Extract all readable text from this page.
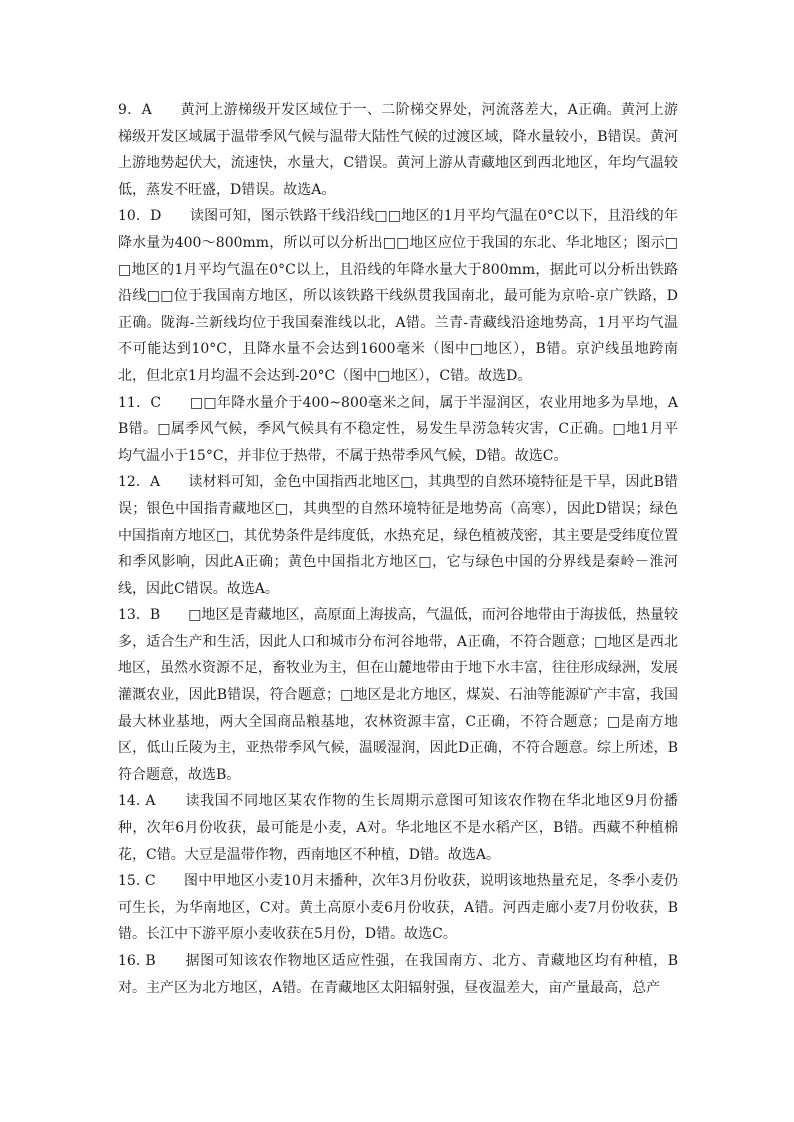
9．A　　黄河上游梯级开发区域位于一、二阶梯交界处，河流落差大，A正确。黄河上游梯级开发区域属于温带季风气候与温带大陆性气候的过渡区域，降水量较小，B错误。黄河上游地势起伏大，流速快，水量大，C错误。黄河上游从青藏地区到西北地区，年均气温较低，蒸发不旺盛，D错误。故选A。

10．D　　读图可知，图示铁路干线沿线□□地区的1月平均气温在0°C以下，且沿线的年降水量为400～800mm，所以可以分析出□□地区应位于我国的东北、华北地区；图示□□地区的1月平均气温在0°C以上，且沿线的年降水量大于800mm，据此可以分析出铁路沿线□□位于我国南方地区，所以该铁路干线纵贯我国南北，最可能为京哈-京广铁路，D正确。陇海-兰新线均位于我国秦淮线以北，A错。兰青-青藏线沿途地势高，1月平均气温不可能达到10°C，且降水量不会达到1600毫米（图中□地区），B错。京沪线虽地跨南北，但北京1月均温不会达到-20°C（图中□地区），C错。故选D。

11．C　　□□年降水量介于400~800毫米之间，属于半湿润区，农业用地多为旱地，AB错。□属季风气候，季风气候具有不稳定性，易发生旱涝急转灾害，C正确。□地1月平均气温小于15°C，并非位于热带，不属于热带季风气候，D错。故选C。

12．A　　读材料可知，金色中国指西北地区□，其典型的自然环境特征是干旱，因此B错误；银色中国指青藏地区□，其典型的自然环境特征是地势高（高寒），因此D错误；绿色中国指南方地区□，其优势条件是纬度低，水热充足，绿色植被茂密，其主要是受纬度位置和季风影响，因此A正确；黄色中国指北方地区□，它与绿色中国的分界线是秦岭－淮河线，因此C错误。故选A。

13．B　　□地区是青藏地区，高原面上海拔高，气温低，而河谷地带由于海拔低，热量较多，适合生产和生活，因此人口和城市分布河谷地带，A正确，不符合题意；□地区是西北地区，虽然水资源不足，畜牧业为主，但在山麓地带由于地下水丰富，往往形成绿洲，发展灌溉农业，因此B错误，符合题意；□地区是北方地区，煤炭、石油等能源矿产丰富，我国最大林业基地，两大全国商品粮基地，农林资源丰富，C正确，不符合题意；□是南方地区，低山丘陵为主，亚热带季风气候，温暖湿润，因此D正确，不符合题意。综上所述，B符合题意，故选B。

14. A　　读我国不同地区某农作物的生长周期示意图可知该农作物在华北地区9月份播种，次年6月份收获，最可能是小麦，A对。华北地区不是水稻产区，B错。西藏不种植棉花，C错。大豆是温带作物，西南地区不种植，D错。故选A。

15. C　　图中甲地区小麦10月末播种，次年3月份收获，说明该地热量充足，冬季小麦仍可生长，为华南地区，C对。黄土高原小麦6月份收获，A错。河西走廊小麦7月份收获，B错。长江中下游平原小麦收获在5月份，D错。故选C。

16. B　　据图可知该农作物地区适应性强，在我国南方、北方、青藏地区均有种植，B对。主产区为北方地区，A错。在青藏地区太阳辐射强，昼夜温差大，亩产量最高，总产
